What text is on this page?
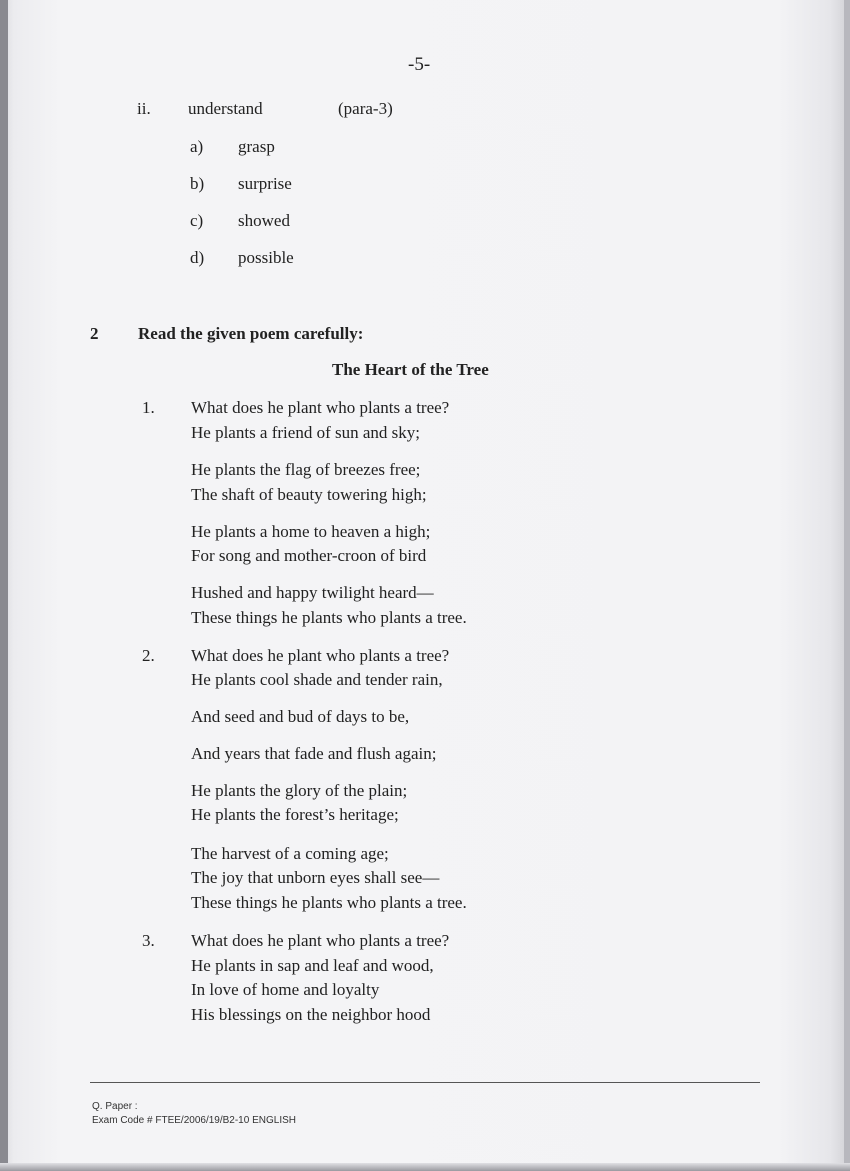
-5-
ii. understand	(para-3)
a) grasp
b) surprise
c) showed
d) possible
2 Read the given poem carefully:
The Heart of the Tree
1. What does he plant who plants a tree?
He plants a friend of sun and sky;
He plants the flag of breezes free;
The shaft of beauty towering high;
He plants a home to heaven a high;
For song and mother-croon of bird
Hushed and happy twilight heard—
These things he plants who plants a tree.
2. What does he plant who plants a tree?
He plants cool shade and tender rain,
And seed and bud of days to be,
And years that fade and flush again;
He plants the glory of the plain;
He plants the forest’s heritage;
The harvest of a coming age;
The joy that unborn eyes shall see—
These things he plants who plants a tree.
3. What does he plant who plants a tree?
He plants in sap and leaf and wood,
In love of home and loyalty
His blessings on the neighbor hood
Q. Paper :
Exam Code # FTEE/2006/19/B2-10 ENGLISH
